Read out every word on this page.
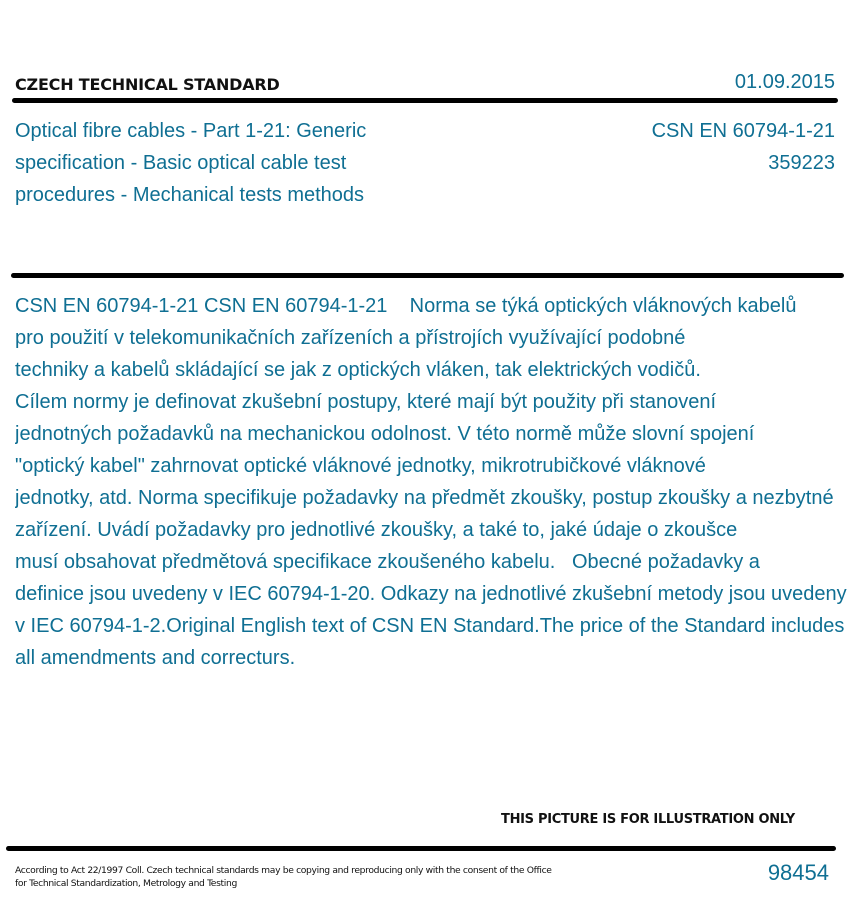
CZECH TECHNICAL STANDARD	01.09.2015
Optical fibre cables - Part 1-21: Generic
specification - Basic optical cable test
procedures - Mechanical tests methods
CSN EN 60794-1-21
359223
CSN EN 60794-1-21 CSN EN 60794-1-21    Norma se týká optických vláknových kabelů
pro použití v telekomunikačních zařízeních a přístrojích využívající podobné
techniky a kabelů skládající se jak z optických vláken, tak elektrických vodičů.
Cílem normy je definovat zkušební postupy, které mají být použity při stanovení
jednotných požadavků na mechanickou odolnost. V této normě může slovní spojení
"optický kabel" zahrnovat optické vláknové jednotky, mikrotrubičkové vláknové
jednotky, atd. Norma specifikuje požadavky na předmět zkoušky, postup zkoušky a nezbytné
zařízení. Uvádí požadavky pro jednotlivé zkoušky, a také to, jaké údaje o zkoušce
musí obsahovat předmětová specifikace zkoušeného kabelu.   Obecné požadavky a
definice jsou uvedeny v IEC 60794-1-20. Odkazy na jednotlivé zkušební metody jsou uvedeny
v IEC 60794-1-2.Original English text of CSN EN Standard.The price of the Standard includes
all amendments and correcturs.
THIS PICTURE IS FOR ILLUSTRATION ONLY
According to Act 22/1997 Coll. Czech technical standards may be copying and reproducing only with the consent of the Office
for Technical Standardization, Metrology and Testing	98454
